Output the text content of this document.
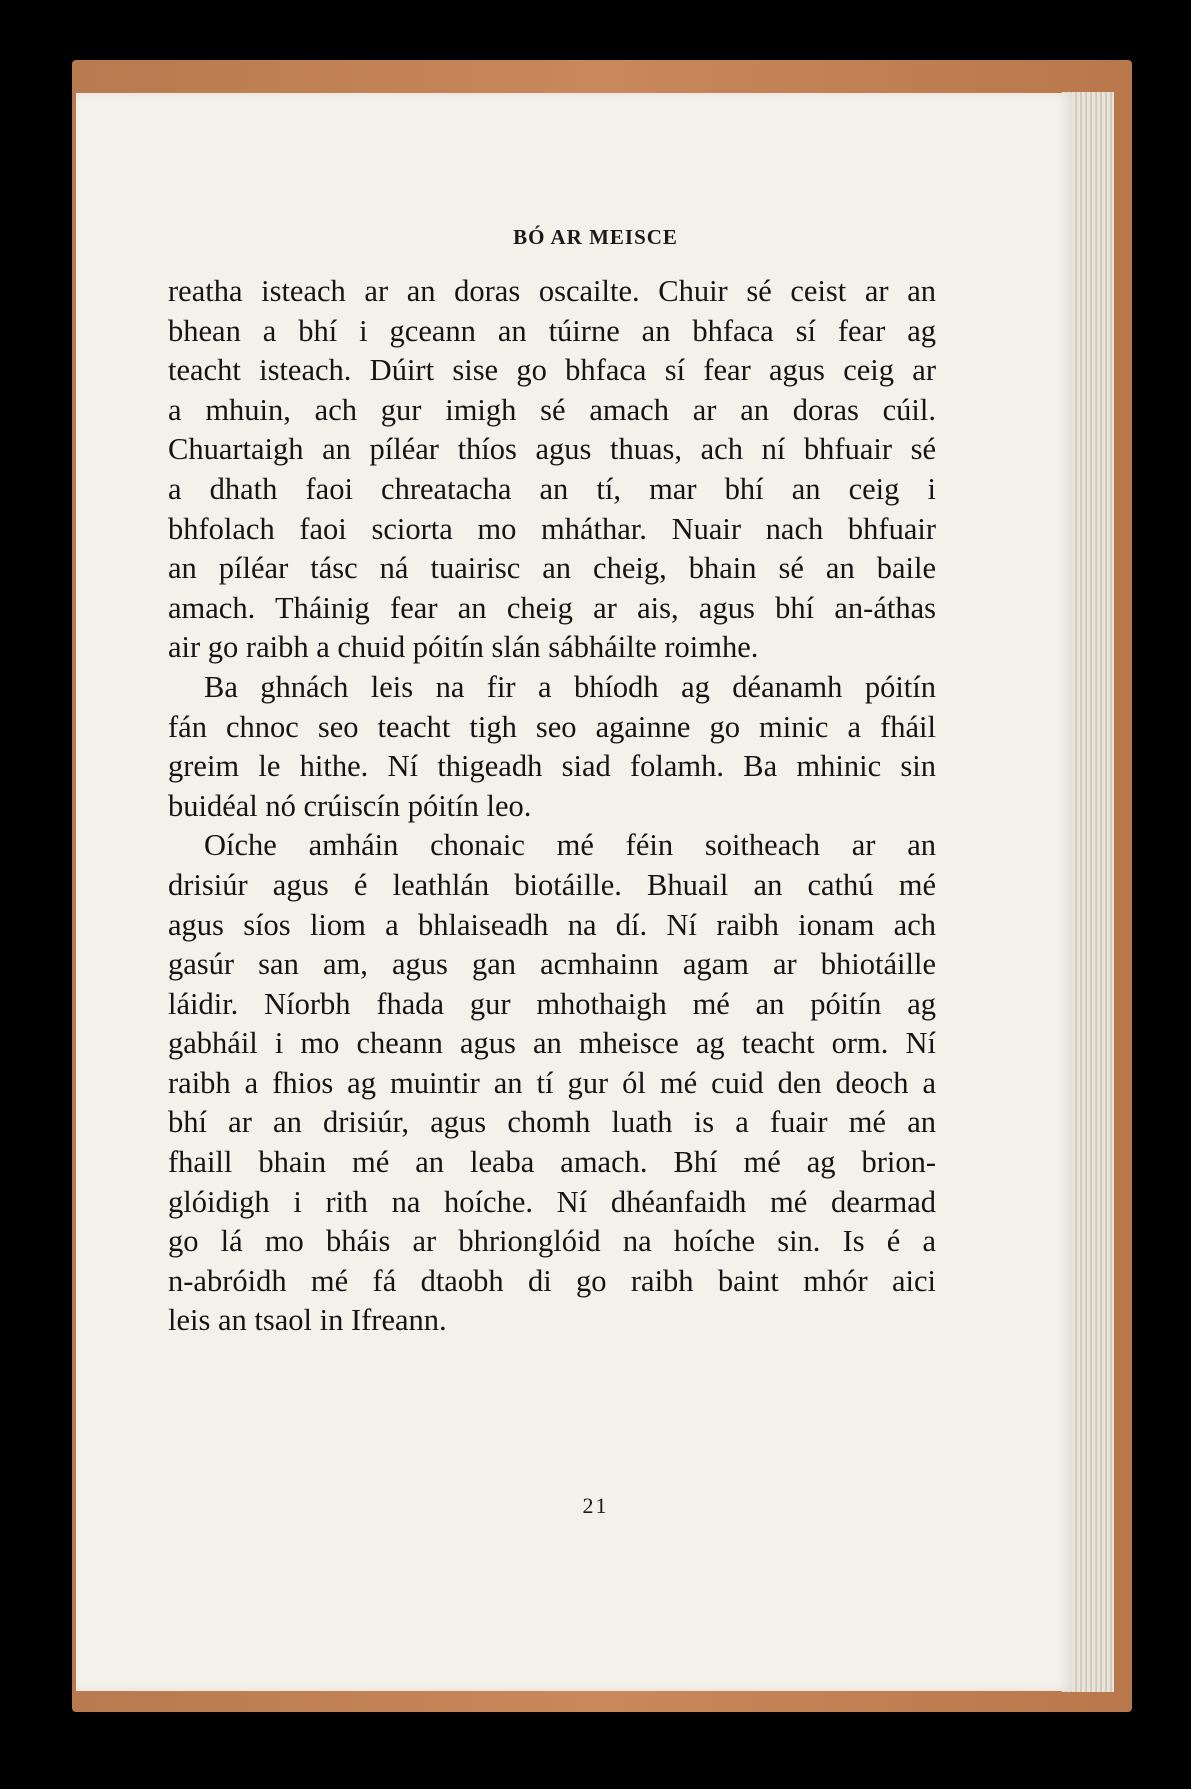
BÓ AR MEISCE
reatha isteach ar an doras oscailte. Chuir sé ceist ar an
bhean a bhí i gceann an túirne an bhfaca sí fear ag
teacht isteach. Dúirt sise go bhfaca sí fear agus ceig ar
a mhuin, ach gur imigh sé amach ar an doras cúil.
Chuartaigh an píléar thíos agus thuas, ach ní bhfuair sé
a dhath faoi chreatacha an tí, mar bhí an ceig i
bhfolach faoi sciorta mo mháthar. Nuair nach bhfuair
an píléar tásc ná tuairisc an cheig, bhain sé an baile
amach. Tháinig fear an cheig ar ais, agus bhí an-áthas
air go raibh a chuid póitín slán sábháilte roimhe.
Ba ghnách leis na fir a bhíodh ag déanamh póitín
fán chnoc seo teacht tigh seo againne go minic a fháil
greim le hithe. Ní thigeadh siad folamh. Ba mhinic sin
buidéal nó crúiscín póitín leo.
Oíche amháin chonaic mé féin soitheach ar an
drisiúr agus é leathlán biotáille. Bhuail an cathú mé
agus síos liom a bhlaiseadh na dí. Ní raibh ionam ach
gasúr san am, agus gan acmhainn agam ar bhiotáille
láidir. Níorbh fhada gur mhothaigh mé an póitín ag
gabháil i mo cheann agus an mheisce ag teacht orm. Ní
raibh a fhios ag muintir an tí gur ól mé cuid den deoch a
bhí ar an drisiúr, agus chomh luath is a fuair mé an
fhaill bhain mé an leaba amach. Bhí mé ag brion-
glóidigh i rith na hoíche. Ní dhéanfaidh mé dearmad
go lá mo bháis ar bhrionglóid na hoíche sin. Is é a
n-abróidh mé fá dtaobh di go raibh baint mhór aici
leis an tsaol in Ifreann.
21
